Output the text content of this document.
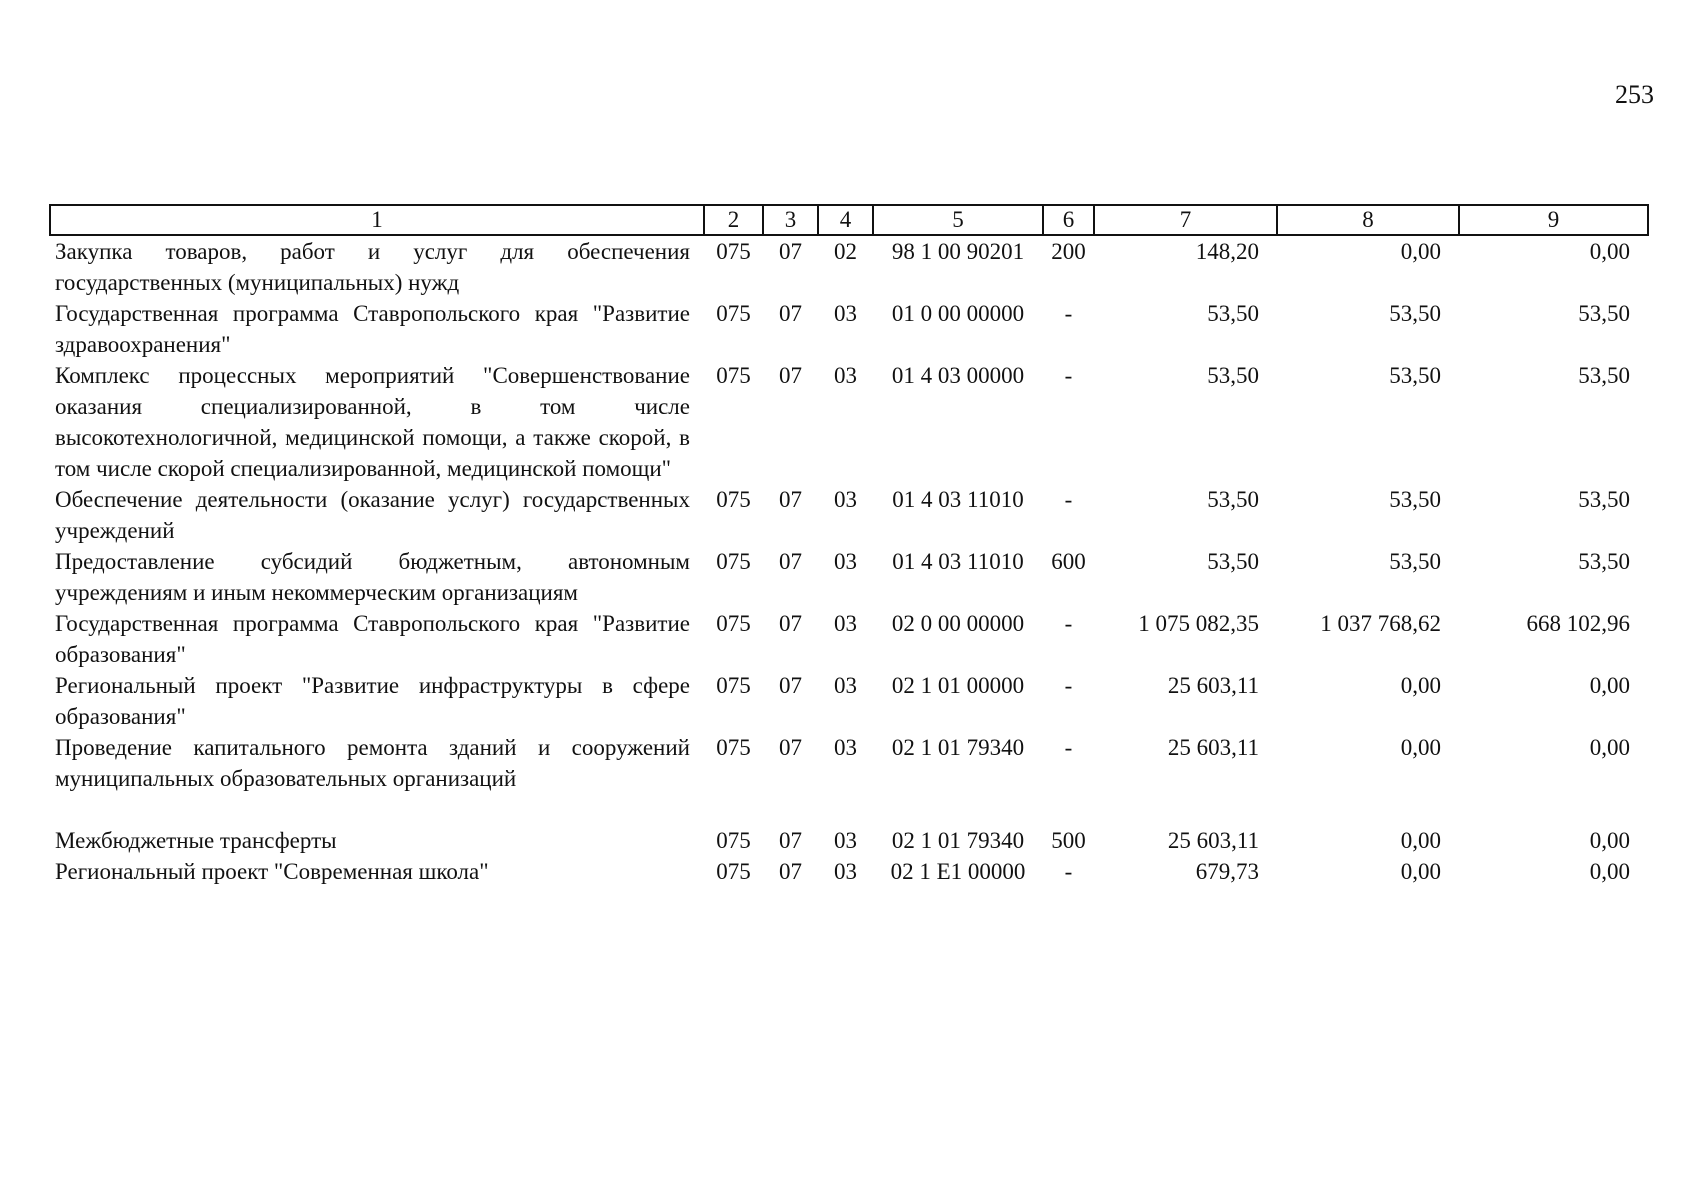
253
1	2	3	4	5	6	7	8	9
Закупка товаров, работ и услуг для обеспечения государственных (муниципальных) нужд	075	07	02	98 1 00 90201	200	148,20	0,00	0,00
Государственная программа Ставропольского края "Развитие здравоохранения"	075	07	03	01 0 00 00000	-	53,50	53,50	53,50
Комплекс процессных мероприятий "Совершенствование оказания специализированной, в том числе высокотехнологичной, медицинской помощи, а также скорой, в том числе скорой специализированной, медицинской помощи"	075	07	03	01 4 03 00000	-	53,50	53,50	53,50
Обеспечение деятельности (оказание услуг) государственных учреждений	075	07	03	01 4 03 11010	-	53,50	53,50	53,50
Предоставление субсидий бюджетным, автономным учреждениям и иным некоммерческим организациям	075	07	03	01 4 03 11010	600	53,50	53,50	53,50
Государственная программа Ставропольского края "Развитие образования"	075	07	03	02 0 00 00000	-	1 075 082,35	1 037 768,62	668 102,96
Региональный проект "Развитие инфраструктуры в сфере образования"	075	07	03	02 1 01 00000	-	25 603,11	0,00	0,00
Проведение капитального ремонта зданий и сооружений муниципальных образовательных организаций	075	07	03	02 1 01 79340	-	25 603,11	0,00	0,00
Межбюджетные трансферты	075	07	03	02 1 01 79340	500	25 603,11	0,00	0,00
Региональный проект "Современная школа"	075	07	03	02 1 E1 00000	-	679,73	0,00	0,00
